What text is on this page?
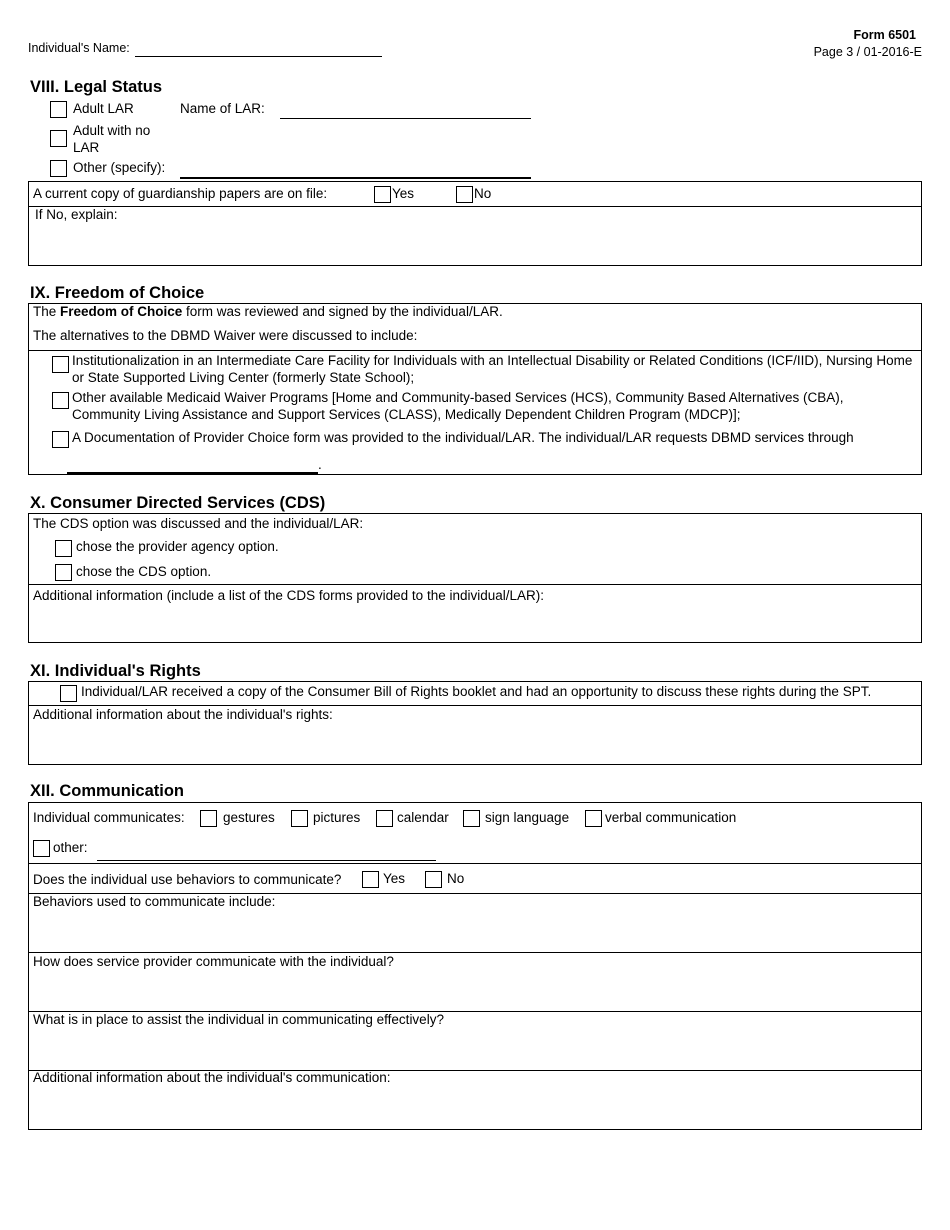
Form 6501
Page 3 / 01-2016-E
Individual's Name:
VIII. Legal Status
Adult LAR	Name of LAR:
Adult with no LAR
Other (specify):
A current copy of guardianship papers are on file:	Yes	No
If No, explain:
IX. Freedom of Choice
The Freedom of Choice form was reviewed and signed by the individual/LAR.
The alternatives to the DBMD Waiver were discussed to include:
Institutionalization in an Intermediate Care Facility for Individuals with an Intellectual Disability or Related Conditions (ICF/IID), Nursing Home or State Supported Living Center (formerly State School);
Other available Medicaid Waiver Programs [Home and Community-based Services (HCS), Community Based Alternatives (CBA), Community Living Assistance and Support Services (CLASS), Medically Dependent Children Program (MDCP)];
A Documentation of Provider Choice form was provided to the individual/LAR. The individual/LAR requests DBMD services through
.
X. Consumer Directed Services (CDS)
The CDS option was discussed and the individual/LAR:
chose the provider agency option.
chose the CDS option.
Additional information (include a list of the CDS forms provided to the individual/LAR):
XI. Individual's Rights
Individual/LAR received a copy of the Consumer Bill of Rights booklet and had an opportunity to discuss these rights during the SPT.
Additional information about the individual's rights:
XII. Communication
Individual communicates:	gestures	pictures	calendar	sign language	verbal communication
other:
Does the individual use behaviors to communicate?	Yes	No
Behaviors used to communicate include:
How does service provider communicate with the individual?
What is in place to assist the individual in communicating effectively?
Additional information about the individual's communication:
